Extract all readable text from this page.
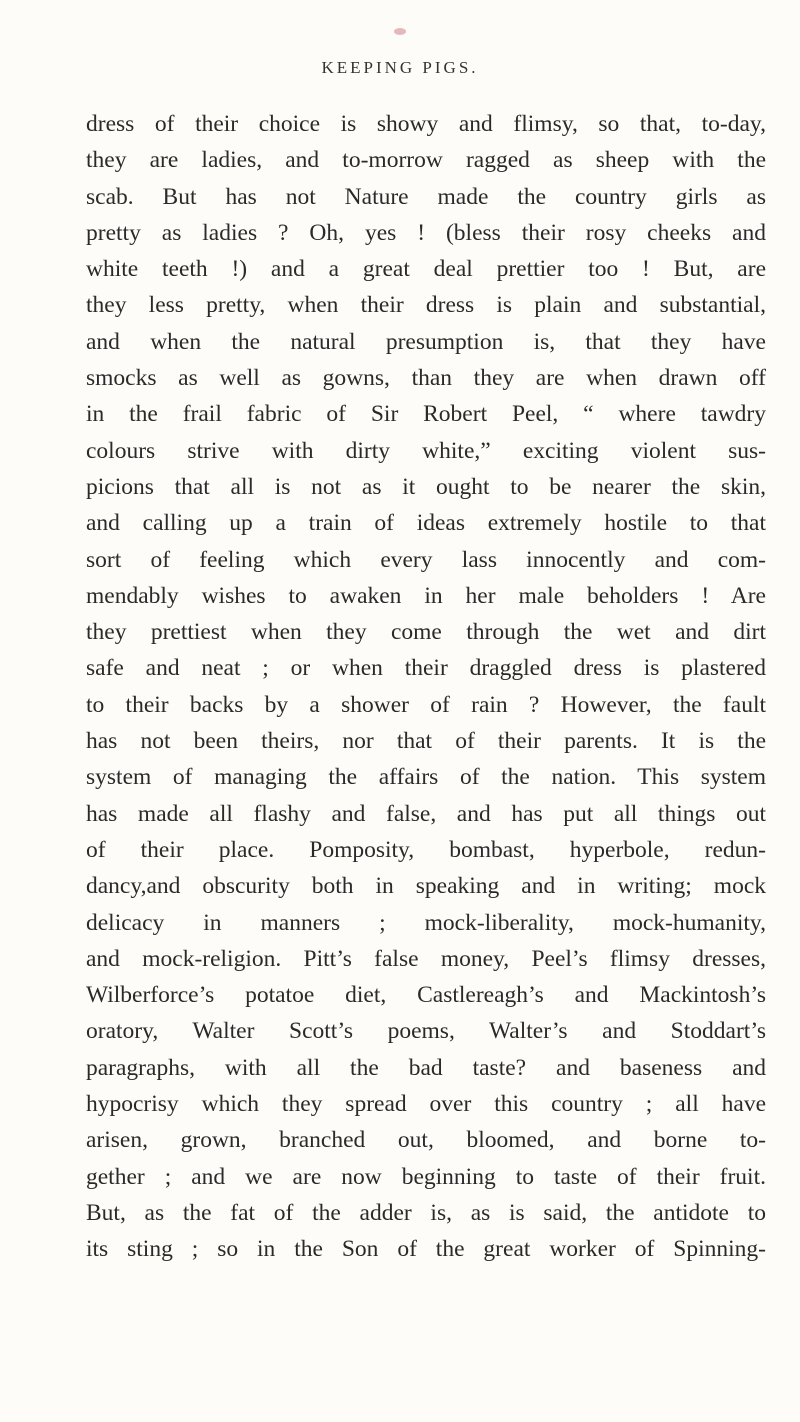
KEEPING PIGS.
dress of their choice is showy and flimsy, so that, to-day,
they are ladies, and to-morrow ragged as sheep with the
scab. But has not Nature made the country girls as
pretty as ladies ? Oh, yes ! (bless their rosy cheeks and
white teeth !) and a great deal prettier too ! But, are
they less pretty, when their dress is plain and substantial,
and when the natural presumption is, that they have
smocks as well as gowns, than they are when drawn off
in the frail fabric of Sir Robert Peel, “ where tawdry
colours strive with dirty white,” exciting violent sus-
picions that all is not as it ought to be nearer the skin,
and calling up a train of ideas extremely hostile to that
sort of feeling which every lass innocently and com-
mendably wishes to awaken in her male beholders ! Are
they prettiest when they come through the wet and dirt
safe and neat ; or when their draggled dress is plastered
to their backs by a shower of rain ? However, the fault
has not been theirs, nor that of their parents. It is the
system of managing the affairs of the nation. This system
has made all flashy and false, and has put all things out
of their place. Pomposity, bombast, hyperbole, redun-
dancy,and obscurity both in speaking and in writing; mock
delicacy in manners ; mock-liberality, mock-humanity,
and mock-religion. Pitt’s false money, Peel’s flimsy dresses,
Wilberforce’s potatoe diet, Castlereagh’s and Mackintosh’s
oratory, Walter Scott’s poems, Walter’s and Stoddart’s
paragraphs, with all the bad taste? and baseness and
hypocrisy which they spread over this country ; all have
arisen, grown, branched out, bloomed, and borne to-
gether ; and we are now beginning to taste of their fruit.
But, as the fat of the adder is, as is said, the antidote to
its sting ; so in the Son of the great worker of Spinning-
